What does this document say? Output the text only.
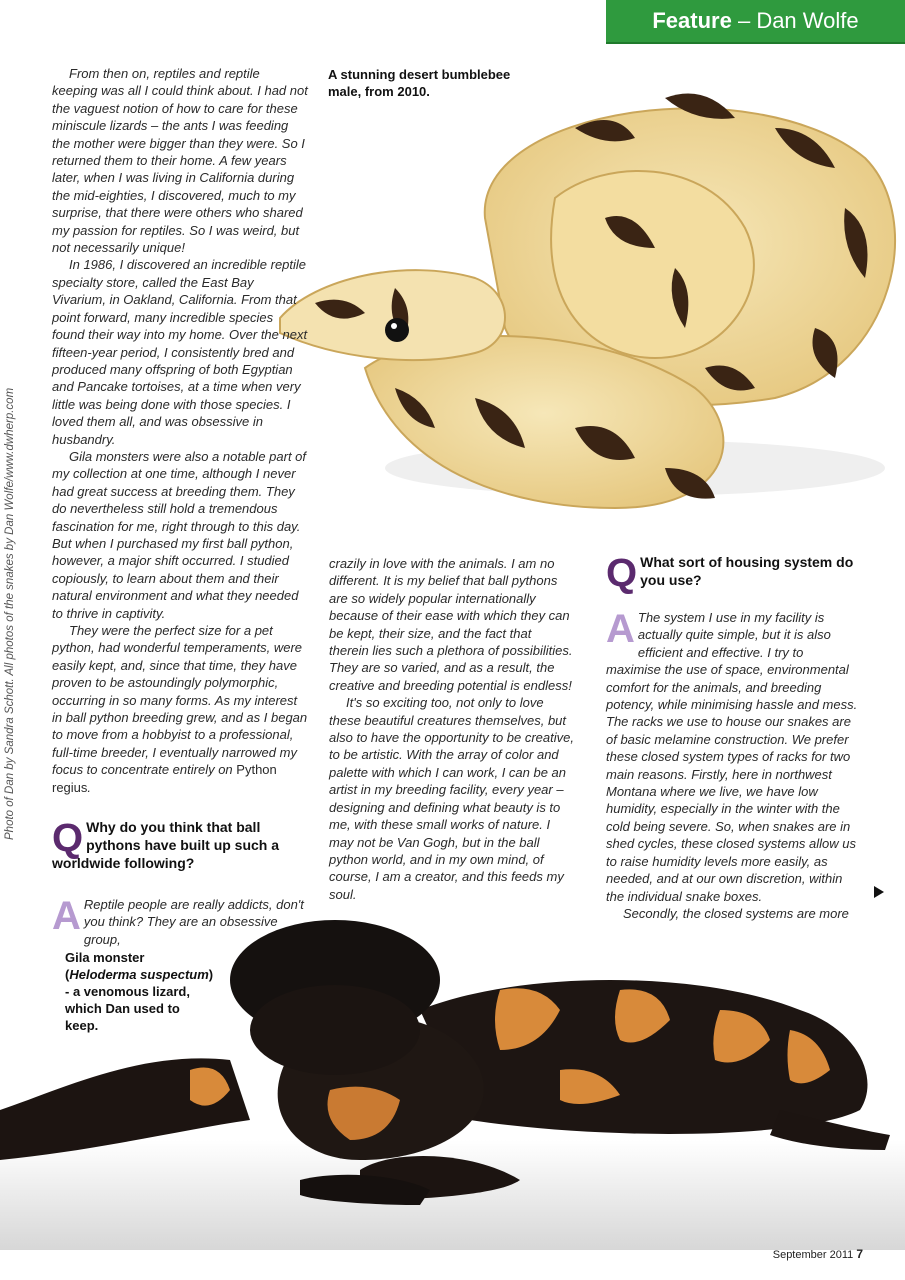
Feature – Dan Wolfe
A stunning desert bumblebee male, from 2010.
Photo of Dan by Sandra Schott. All photos of the snakes by Dan Wolfe/www.dwherp.com

From then on, reptiles and reptile keeping was all I could think about. I had not the vaguest notion of how to care for these miniscule lizards – the ants I was feeding the mother were bigger than they were. So I returned them to their home. A few years later, when I was living in California during the mid-eighties, I discovered, much to my surprise, that there were others who shared my passion for reptiles. So I was weird, but not necessarily unique!

In 1986, I discovered an incredible reptile specialty store, called the East Bay Vivarium, in Oakland, California. From that point forward, many incredible species found their way into my home. Over the next fifteen-year period, I consistently bred and produced many offspring of both Egyptian and Pancake tortoises, at a time when very little was being done with those species. I loved them all, and was obsessive in husbandry.

Gila monsters were also a notable part of my collection at one time, although I never had great success at breeding them. They do nevertheless still hold a tremendous fascination for me, right through to this day. But when I purchased my first ball python, however, a major shift occurred. I studied copiously, to learn about them and their natural environment and what they needed to thrive in captivity.

They were the perfect size for a pet python, had wonderful temperaments, were easily kept, and, since that time, they have proven to be astoundingly polymorphic, occurring in so many forms. As my interest in ball python breeding grew, and as I began to move from a hobbyist to a professional, full-time breeder, I eventually narrowed my focus to concentrate entirely on Python regius.

Q Why do you think that ball pythons have built up such a worldwide following?

A Reptile people are really addicts, don't you think? They are an obsessive group,

crazily in love with the animals. I am no different. It is my belief that ball pythons are so widely popular internationally because of their ease with which they can be kept, their size, and the fact that therein lies such a plethora of possibilities. They are so varied, and as a result, the creative and breeding potential is endless!

It's so exciting too, not only to love these beautiful creatures themselves, but also to have the opportunity to be creative, to be artistic. With the array of color and palette with which I can work, I can be an artist in my breeding facility, every year – designing and defining what beauty is to me, with these small works of nature. I may not be Van Gogh, but in the ball python world, and in my own mind, of course, I am a creator, and this feeds my soul.

Q What sort of housing system do you use?

A The system I use in my facility is actually quite simple, but it is also efficient and effective. I try to maximise the use of space, environmental comfort for the animals, and breeding potency, while minimising hassle and mess. The racks we use to house our snakes are of basic melamine construction. We prefer these closed system types of racks for two main reasons. Firstly, here in northwest Montana where we live, we have low humidity, especially in the winter with the cold being severe. So, when snakes are in shed cycles, these closed systems allow us to raise humidity levels more easily, as needed, and at our own discretion, within the individual snake boxes.

Secondly, the closed systems are more

Gila monster (Heloderma suspectum) - a venomous lizard, which Dan used to keep.
September 2011 7
